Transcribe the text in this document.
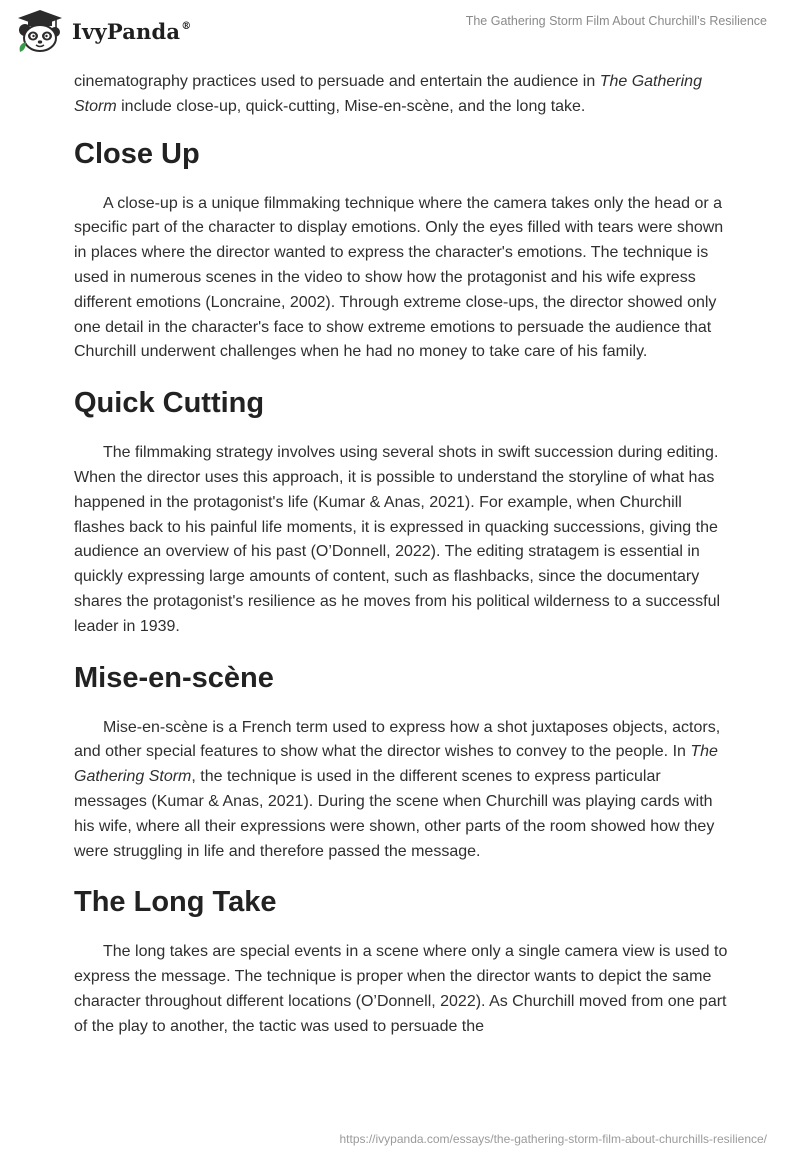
IvyPanda®	The Gathering Storm Film About Churchill’s Resilience

cinematography practices used to persuade and entertain the audience in The Gathering Storm include close-up, quick-cutting, Mise-en-scène, and the long take.

Close Up

A close-up is a unique filmmaking technique where the camera takes only the head or a specific part of the character to display emotions. Only the eyes filled with tears were shown in places where the director wanted to express the character's emotions. The technique is used in numerous scenes in the video to show how the protagonist and his wife express different emotions (Loncraine, 2002). Through extreme close-ups, the director showed only one detail in the character's face to show extreme emotions to persuade the audience that Churchill underwent challenges when he had no money to take care of his family.

Quick Cutting

The filmmaking strategy involves using several shots in swift succession during editing. When the director uses this approach, it is possible to understand the storyline of what has happened in the protagonist's life (Kumar & Anas, 2021). For example, when Churchill flashes back to his painful life moments, it is expressed in quacking successions, giving the audience an overview of his past (O’Donnell, 2022). The editing stratagem is essential in quickly expressing large amounts of content, such as flashbacks, since the documentary shares the protagonist's resilience as he moves from his political wilderness to a successful leader in 1939.

Mise-en-scène

Mise-en-scène is a French term used to express how a shot juxtaposes objects, actors, and other special features to show what the director wishes to convey to the people. In The Gathering Storm, the technique is used in the different scenes to express particular messages (Kumar & Anas, 2021). During the scene when Churchill was playing cards with his wife, where all their expressions were shown, other parts of the room showed how they were struggling in life and therefore passed the message.

The Long Take

The long takes are special events in a scene where only a single camera view is used to express the message. The technique is proper when the director wants to depict the same character throughout different locations (O’Donnell, 2022). As Churchill moved from one part of the play to another, the tactic was used to persuade the

https://ivypanda.com/essays/the-gathering-storm-film-about-churchills-resilience/
